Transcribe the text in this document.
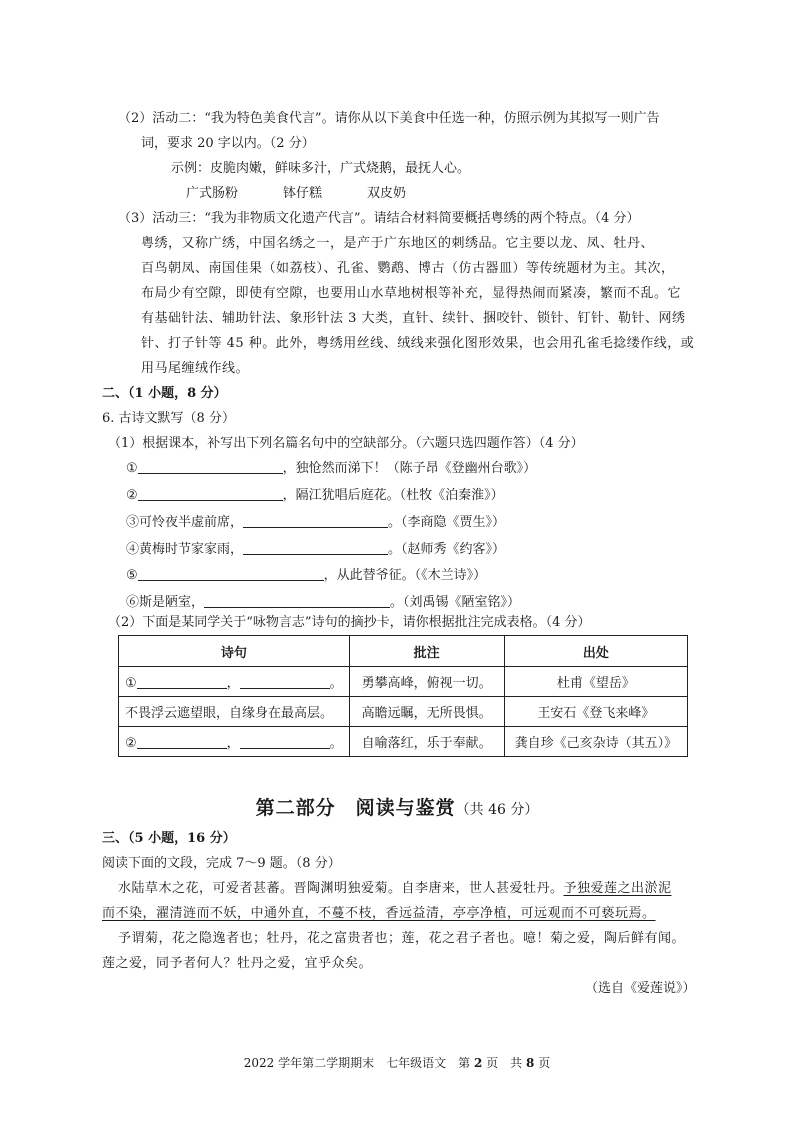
（2）活动二：“我为特色美食代言”。请你从以下美食中任选一种，仿照示例为其拟写一则广告
词，要求 20 字以内。（2 分）
示例：皮脆肉嫩，鲜味多汁，广式烧鹅，最抚人心。
广式肠粉	钵仔糕	双皮奶
（3）活动三：“我为非物质文化遗产代言”。请结合材料简要概括粤绣的两个特点。（4 分）
粤绣，又称广绣，中国名绣之一，是产于广东地区的刺绣品。它主要以龙、凤、牡丹、
百鸟朝凤、南国佳果（如荔枝）、孔雀、鹦鹉、博古（仿古器皿）等传统题材为主。其次，
布局少有空隙，即使有空隙，也要用山水草地树根等补充，显得热闹而紧凑，繁而不乱。它
有基础针法、辅助针法、象形针法 3 大类，直针、续针、捆咬针、锁针、钉针、勒针、网绣
针、打子针等 45 种。此外，粤绣用丝线、绒线来强化图形效果，也会用孔雀毛捻缕作线，或
用马尾缠绒作线。
二、（1 小题，8 分）
6. 古诗文默写（8 分）
（1）根据课本，补写出下列名篇名句中的空缺部分。（六题只选四题作答）（4 分）
①	，独怆然而涕下！（陈子昂《登幽州台歌》）
②	，隔江犹唱后庭花。（杜牧《泊秦淮》）
③可怜夜半虚前席，	。（李商隐《贾生》）
④黄梅时节家家雨，	。（赵师秀《约客》）
⑤	，从此替爷征。（《木兰诗》）
⑥斯是陋室，	。（刘禹锡《陋室铭》）
（2）下面是某同学关于“咏物言志”诗句的摘抄卡，请你根据批注完成表格。（4 分）
诗句	批注	出处
① ， 。	勇攀高峰，俯视一切。	杜甫《望岳》
不畏浮云遮望眼，自缘身在最高层。	高瞻远瞩，无所畏惧。	王安石《登飞来峰》
② ， 。	自喻落红，乐于奉献。	龚自珍《己亥杂诗（其五）》
第二部分　阅读与鉴赏（共 46 分）
三、（5 小题，16 分）
阅读下面的文段，完成 7～9 题。（8 分）
水陆草木之花，可爱者甚蕃。晋陶渊明独爱菊。自李唐来，世人甚爱牡丹。予独爱莲之出淤泥
而不染，濯清涟而不妖，中通外直，不蔓不枝，香远益清，亭亭净植，可远观而不可亵玩焉。
予谓菊，花之隐逸者也；牡丹，花之富贵者也；莲，花之君子者也。噫！菊之爱，陶后鲜有闻。
莲之爱，同予者何人？牡丹之爱，宜乎众矣。
（选自《爱莲说》）
2022 学年第二学期期末　七年级语文　第 2 页　共 8 页
